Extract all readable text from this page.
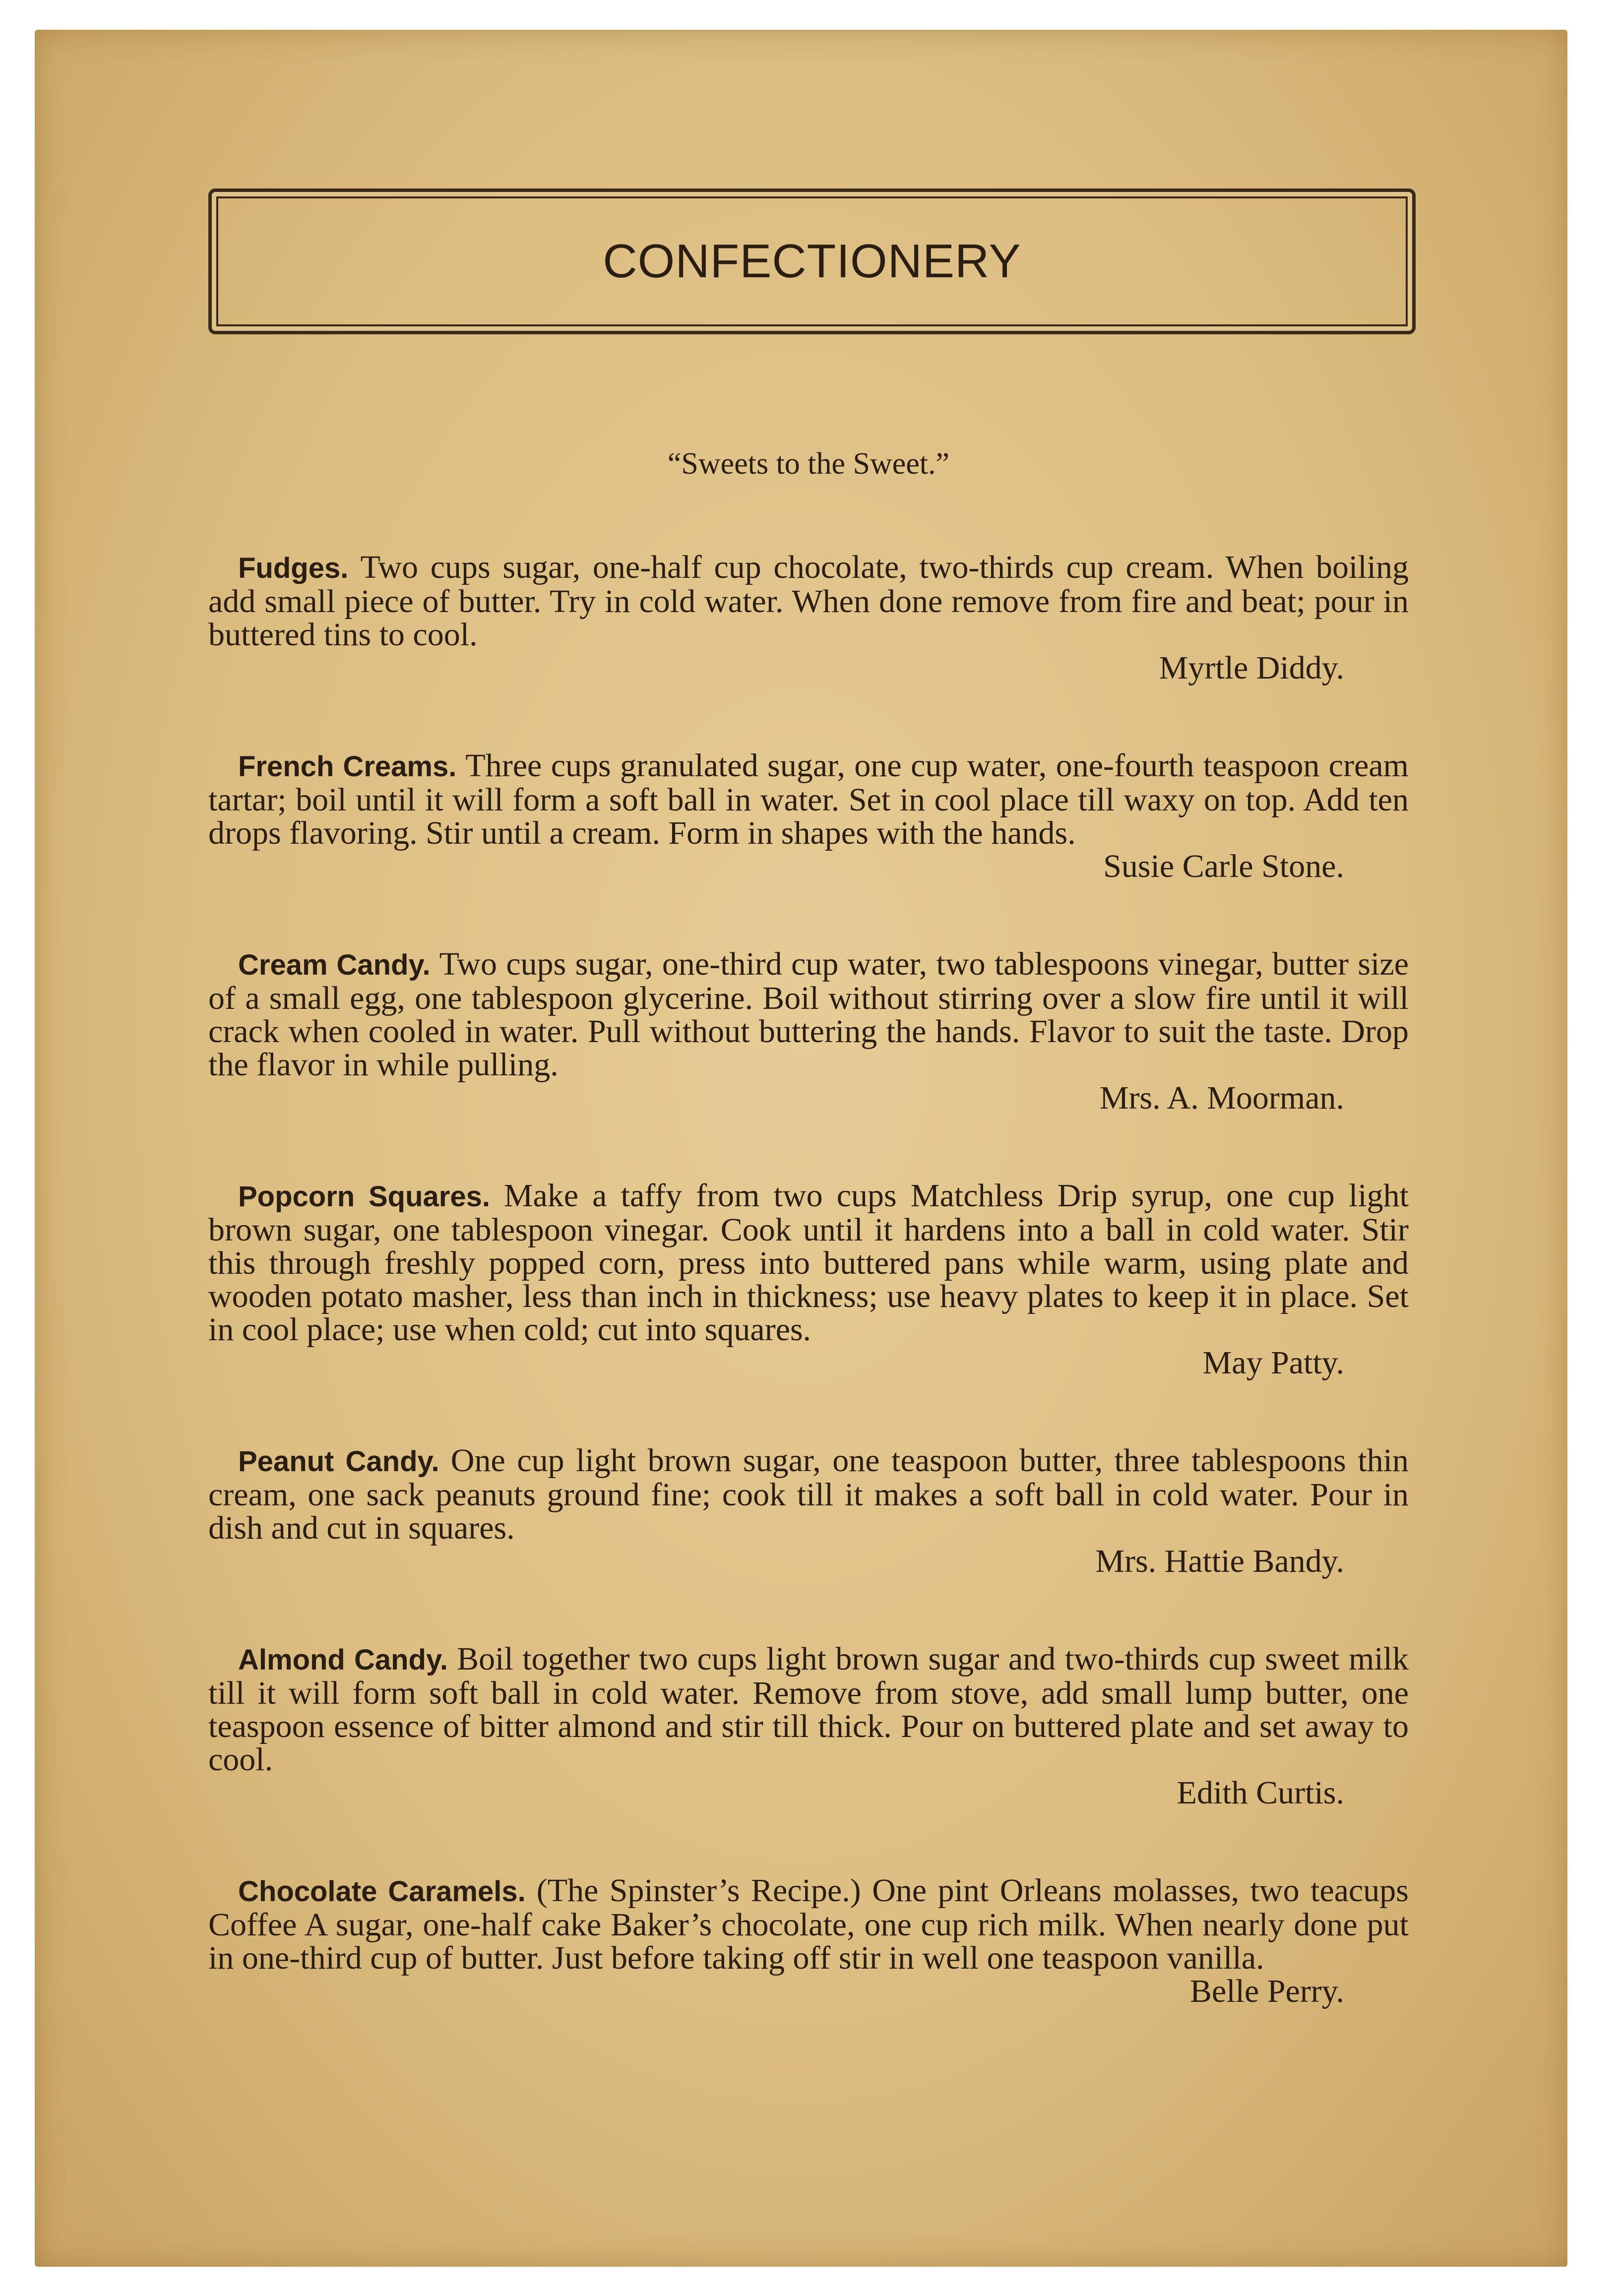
CONFECTIONERY
“Sweets to the Sweet.”
Fudges. Two cups sugar, one-half cup chocolate, two-thirds cup cream. When boiling add small piece of butter. Try in cold water. When done remove from fire and beat; pour in buttered tins to cool.
Myrtle Diddy.
French Creams. Three cups granulated sugar, one cup water, one-fourth teaspoon cream tartar; boil until it will form a soft ball in water. Set in cool place till waxy on top. Add ten drops flavoring. Stir until a cream. Form in shapes with the hands.
Susie Carle Stone.
Cream Candy. Two cups sugar, one-third cup water, two tablespoons vinegar, butter size of a small egg, one tablespoon glycerine. Boil without stirring over a slow fire until it will crack when cooled in water. Pull without buttering the hands. Flavor to suit the taste. Drop the flavor in while pulling.
Mrs. A. Moorman.
Popcorn Squares. Make a taffy from two cups Matchless Drip syrup, one cup light brown sugar, one tablespoon vinegar. Cook until it hardens into a ball in cold water. Stir this through freshly popped corn, press into buttered pans while warm, using plate and wooden potato masher, less than inch in thickness; use heavy plates to keep it in place. Set in cool place; use when cold; cut into squares.
May Patty.
Peanut Candy. One cup light brown sugar, one teaspoon butter, three tablespoons thin cream, one sack peanuts ground fine; cook till it makes a soft ball in cold water. Pour in dish and cut in squares.
Mrs. Hattie Bandy.
Almond Candy. Boil together two cups light brown sugar and two-thirds cup sweet milk till it will form soft ball in cold water. Remove from stove, add small lump butter, one teaspoon essence of bitter almond and stir till thick. Pour on buttered plate and set away to cool.
Edith Curtis.
Chocolate Caramels. (The Spinster’s Recipe.) One pint Orleans molasses, two teacups Coffee A sugar, one-half cake Baker’s chocolate, one cup rich milk. When nearly done put in one-third cup of butter. Just before taking off stir in well one teaspoon vanilla.
Belle Perry.
